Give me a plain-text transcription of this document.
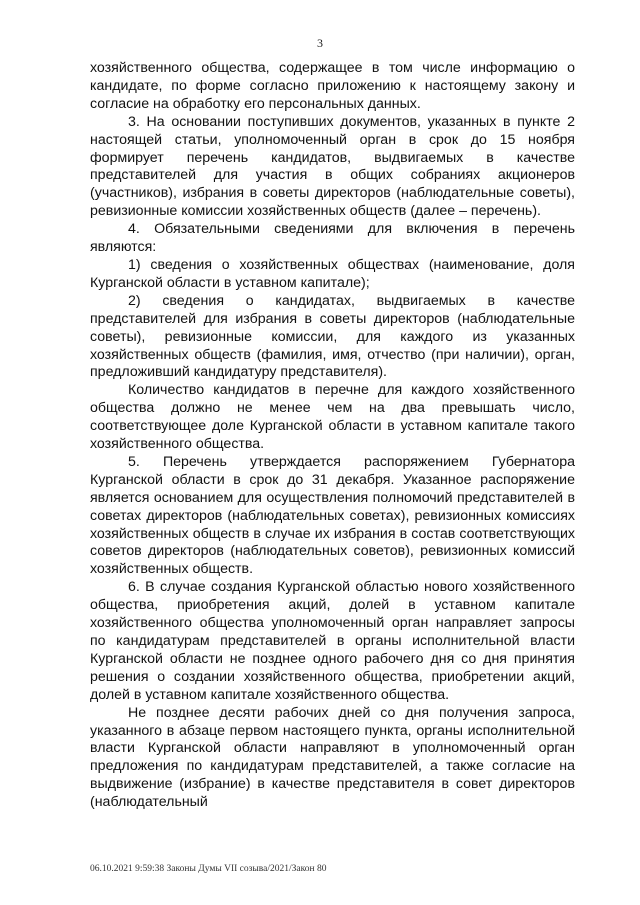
3

хозяйственного общества, содержащее в том числе информацию о кандидате, по форме согласно приложению к настоящему закону и согласие на обработку его персональных данных.

3. На основании поступивших документов, указанных в пункте 2 настоящей статьи, уполномоченный орган в срок до 15 ноября формирует перечень кандидатов, выдвигаемых в качестве представителей для участия в общих собраниях акционеров (участников), избрания в советы директоров (наблюдательные советы), ревизионные комиссии хозяйственных обществ (далее – перечень).

4. Обязательными сведениями для включения в перечень являются:

1) сведения о хозяйственных обществах (наименование, доля Курганской области в уставном капитале);

2) сведения о кандидатах, выдвигаемых в качестве представителей для избрания в советы директоров (наблюдательные советы), ревизионные комиссии, для каждого из указанных хозяйственных обществ (фамилия, имя, отчество (при наличии), орган, предложивший кандидатуру представителя).

Количество кандидатов в перечне для каждого хозяйственного общества должно не менее чем на два превышать число, соответствующее доле Курганской области в уставном капитале такого хозяйственного общества.

5. Перечень утверждается распоряжением Губернатора Курганской области в срок до 31 декабря. Указанное распоряжение является основанием для осуществления полномочий представителей в советах директоров (наблюдательных советах), ревизионных комиссиях хозяйственных обществ в случае их избрания в состав соответствующих советов директоров (наблюдательных советов), ревизионных комиссий хозяйственных обществ.

6. В случае создания Курганской областью нового хозяйственного общества, приобретения акций, долей в уставном капитале хозяйственного общества уполномоченный орган направляет запросы по кандидатурам представителей в органы исполнительной власти Курганской области не позднее одного рабочего дня со дня принятия решения о создании хозяйственного общества, приобретении акций, долей в уставном капитале хозяйственного общества.

Не позднее десяти рабочих дней со дня получения запроса, указанного в абзаце первом настоящего пункта, органы исполнительной власти Курганской области направляют в уполномоченный орган предложения по кандидатурам представителей, а также согласие на выдвижение (избрание) в качестве представителя в совет директоров (наблюдательный

06.10.2021 9:59:38 Законы Думы VII созыва/2021/Закон 80
